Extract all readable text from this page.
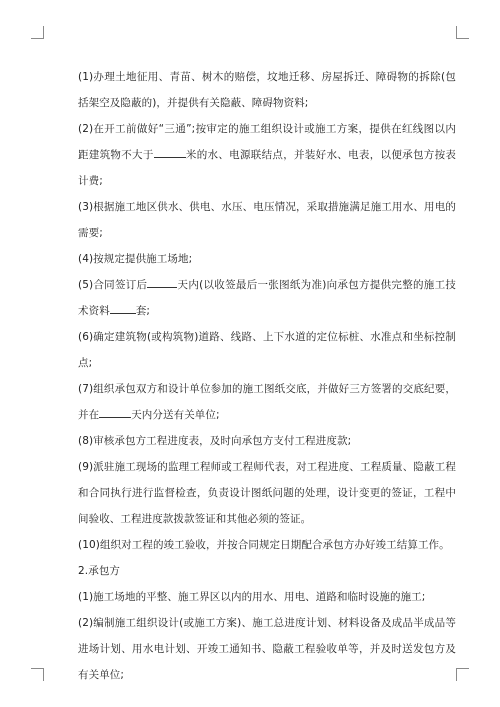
(1)办理土地征用、青苗、树木的赔偿，坟地迁移、房屋拆迁、障碍物的拆除(包括架空及隐蔽的)，并提供有关隐蔽、障碍物资料;

(2)在开工前做好“三通”;按审定的施工组织设计或施工方案，提供在红线图以内距建筑物不大于	米的水、电源联结点，并装好水、电表，以便承包方按表计费;

(3)根据施工地区供水、供电、水压、电压情况，采取措施满足施工用水、用电的需要;

(4)按规定提供施工场地;

(5)合同签订后	天内(以收签最后一张图纸为准)向承包方提供完整的施工技术资料 套;

(6)确定建筑物(或构筑物)道路、线路、上下水道的定位标桩、水准点和坐标控制点;

(7)组织承包双方和设计单位参加的施工图纸交底，并做好三方签署的交底纪要，并在	天内分送有关单位;

(8)审核承包方工程进度表，及时向承包方支付工程进度款;

(9)派驻施工现场的监理工程师或工程师代表，对工程进度、工程质量、隐蔽工程和合同执行进行监督检查，负责设计图纸问题的处理，设计变更的签证，工程中间验收、工程进度款拨款签证和其他必须的签证。

(10)组织对工程的竣工验收，并按合同规定日期配合承包方办好竣工结算工作。

2.承包方

(1)施工场地的平整、施工界区以内的用水、用电、道路和临时设施的施工;

(2)编制施工组织设计(或施工方案)、施工总进度计划、材料设备及成品半成品等进场计划、用水电计划、开竣工通知书、隐蔽工程验收单等，并及时送发包方及有关单位;
